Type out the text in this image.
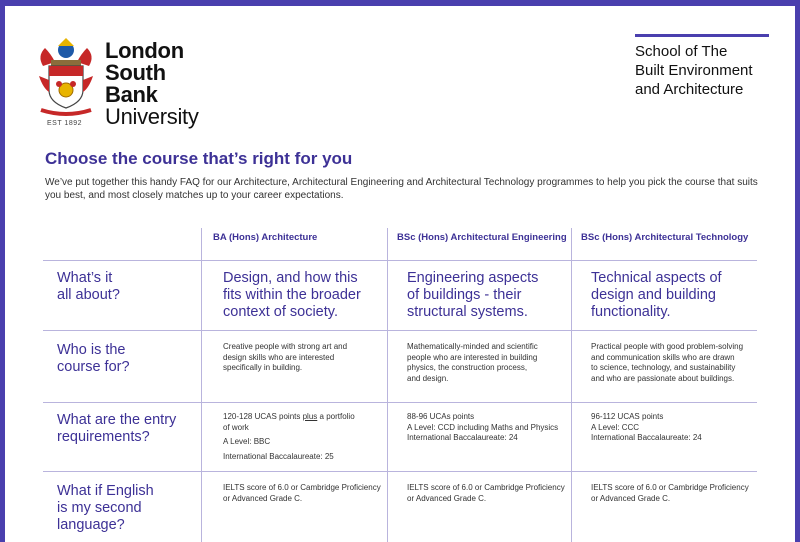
London
South Bank
University
EST 1892
School of The
Built Environment
and Architecture
Choose the course that’s right for you

We’ve put together this handy FAQ for our Architecture, Architectural Engineering and Architectural Technology programmes to help you pick the course that suits you best, and most closely matches up to your career expectations.

BA (Hons) Architecture	BSc (Hons) Architectural Engineering BSc (Hons) Architectural Technology
What’s it
all about?
Design, and how this
fits within the broader
context of society.
Engineering aspects
of buildings - their
structural systems.
Technical aspects of
design and building
functionality.
Who is the
course for?
Creative people with strong art and
design skills who are interested
specifically in building.
Mathematically-minded and scientific
people who are interested in building
physics, the construction process,
and design.
Practical people with good problem-solving
and communication skills who are drawn
to science, technology, and sustainability
and who are passionate about buildings.
What are the entry
requirements?
120-128 UCAS points plus a portfolio
of work
A Level: BBC
International Baccalaureate: 25
88-96 UCAs points
A Level: CCD including Maths and Physics
International Baccalaureate: 24
96-112 UCAS points
A Level: CCC
International Baccalaureate: 24
What if English
is my second
language?
IELTS score of 6.0 or Cambridge Proficiency
or Advanced Grade C.
IELTS score of 6.0 or Cambridge Proficiency
or Advanced Grade C.
IELTS score of 6.0 or Cambridge Proficiency
or Advanced Grade C.
